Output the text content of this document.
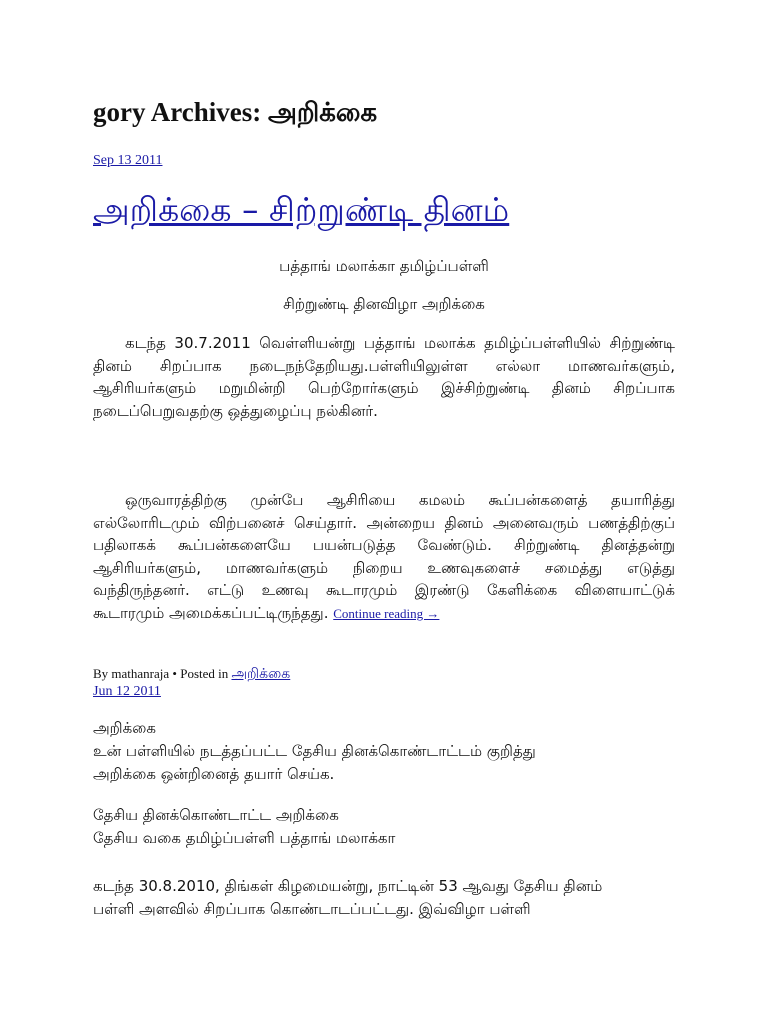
gory Archives: அறிக்கை
Sep 13 2011
அறிக்கை – சிற்றுண்டி தினம்
பத்தாங் மலாக்கா தமிழ்ப்பள்ளி
சிற்றுண்டி தினவிழா அறிக்கை
கடந்த 30.7.2011 வெள்ளியன்று பத்தாங் மலாக்க தமிழ்ப்பள்ளியில் சிற்றுண்டி தினம் சிறப்பாக நடைநந்தேறியது.பள்ளியிலுள்ள எல்லா மாணவர்களும், ஆசிரியர்களும் மறுமின்றி பெற்றோர்களும் இச்சிற்றுண்டி தினம் சிறப்பாக நடைப்பெறுவதற்கு ஒத்துழைப்பு நல்கினர்.
ஒருவாரத்திற்கு முன்பே ஆசிரியை கமலம் கூப்பன்களைத் தயாரித்து எல்லோரிடமும் விற்பனைச் செய்தார். அன்றைய தினம் அனைவரும் பணத்திற்குப் பதிலாகக் கூப்பன்களையே பயன்படுத்த வேண்டும். சிற்றுண்டி தினத்தன்று ஆசிரியர்களும், மாணவர்களும் நிறைய உணவுகளைச் சமைத்து எடுத்து வந்திருந்தனர். எட்டு உணவு கூடாரமும் இரண்டு கேளிக்கை விளையாட்டுக் கூடாரமும் அமைக்கப்பட்டிருந்தது. Continue reading →
By mathanraja • Posted in அறிக்கை
Jun 12 2011
அறிக்கை
உன் பள்ளியில் நடத்தப்பட்ட தேசிய தினக்கொண்டாட்டம் குறித்து
அறிக்கை ஒன்றினைத் தயார் செய்க.
தேசிய தினக்கொண்டாட்ட அறிக்கை
தேசிய வகை தமிழ்ப்பள்ளி பத்தாங் மலாக்கா
கடந்த 30.8.2010, திங்கள் கிழமையன்று, நாட்டின் 53 ஆவது தேசிய தினம்
பள்ளி அளவில் சிறப்பாக கொண்டாடப்பட்டது. இவ்விழா பள்ளி
